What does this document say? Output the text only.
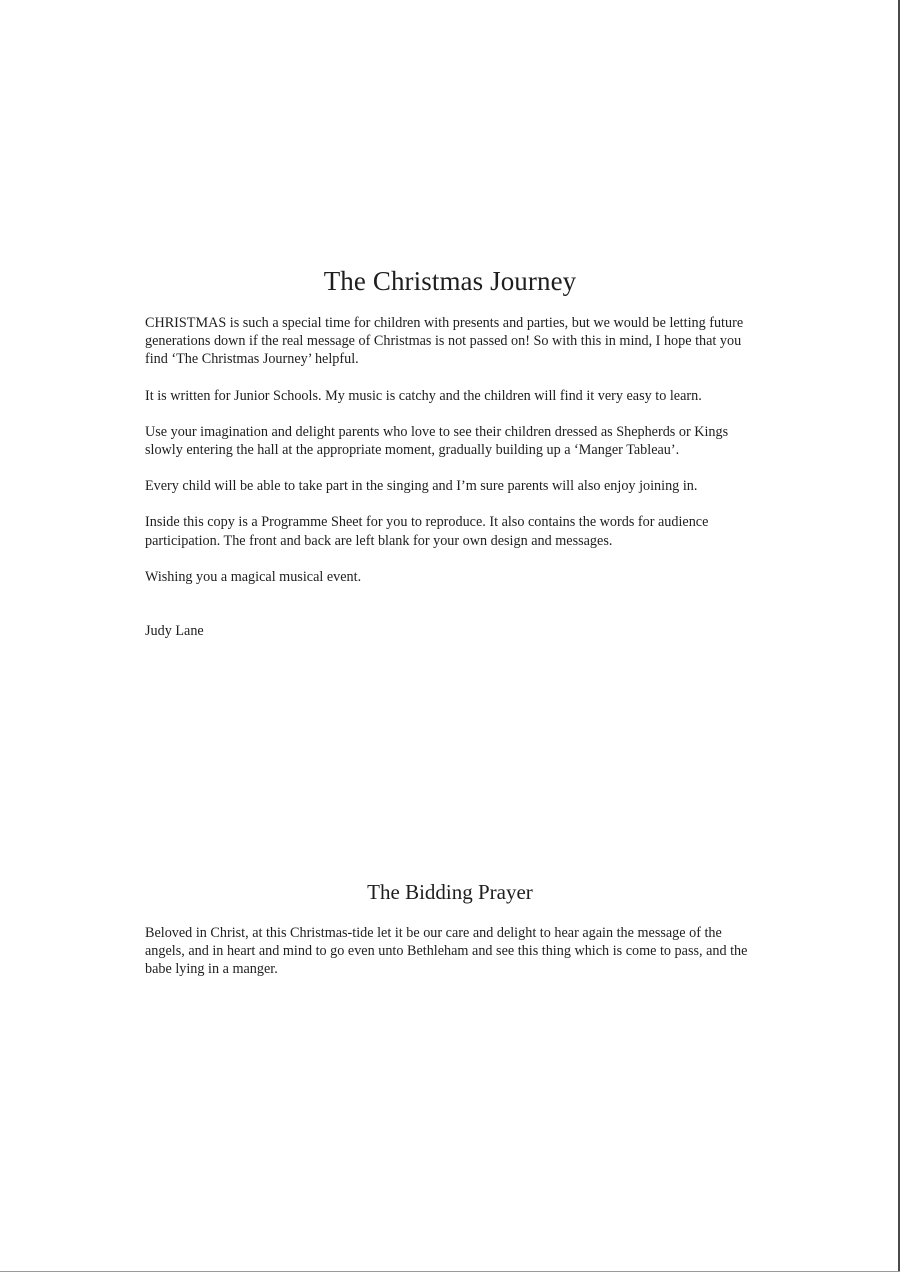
The Christmas Journey

CHRISTMAS is such a special time for children with presents and parties, but we would be letting future generations down if the real message of Christmas is not passed on! So with this in mind, I hope that you find ‘The Christmas Journey’ helpful.

It is written for Junior Schools. My music is catchy and the children will find it very easy to learn.

Use your imagination and delight parents who love to see their children dressed as Shepherds or Kings slowly entering the hall at the appropriate moment, gradually building up a ‘Manger Tableau’.

Every child will be able to take part in the singing and I’m sure parents will also enjoy joining in.

Inside this copy is a Programme Sheet for you to reproduce. It also contains the words for audience participation. The front and back are left blank for your own design and messages.

Wishing you a magical musical event.

Judy Lane

The Bidding Prayer

Beloved in Christ, at this Christmas-tide let it be our care and delight to hear again the message of the angels, and in heart and mind to go even unto Bethleham and see this thing which is come to pass, and the babe lying in a manger.
